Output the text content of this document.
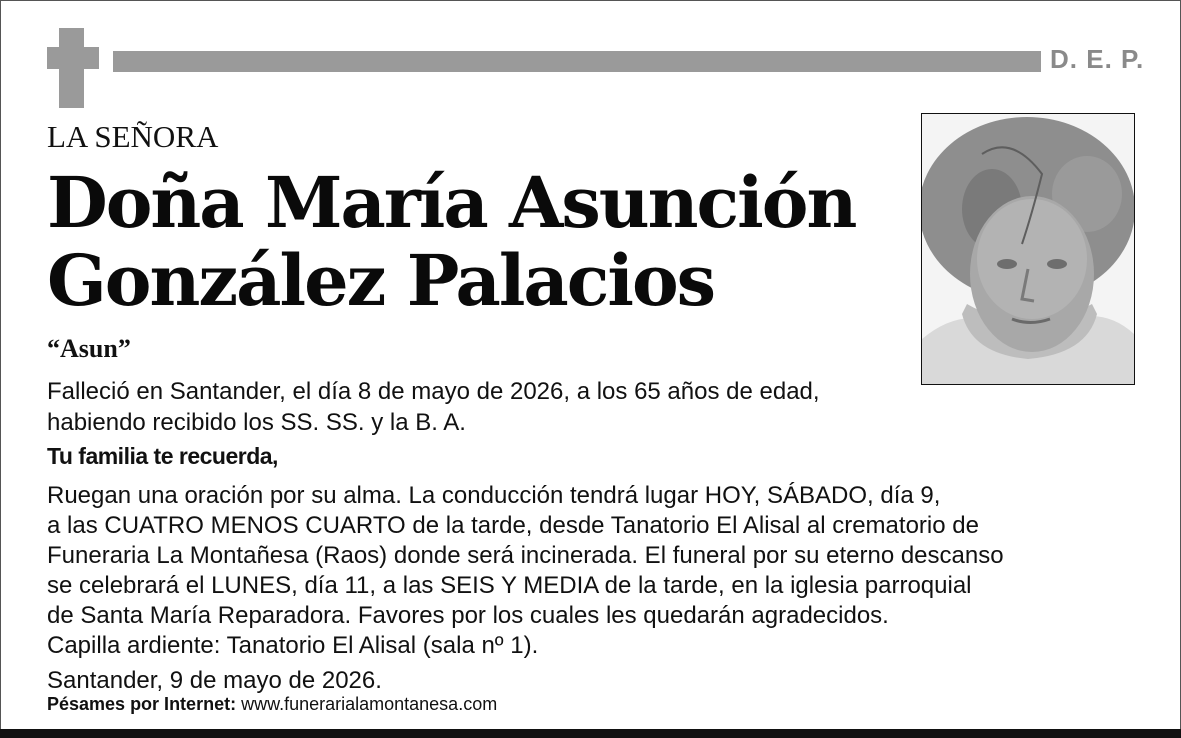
D. E. P.
LA SEÑORA
Doña María Asunción
González Palacios
“Asun”
Falleció en Santander, el día 8 de mayo de 2026, a los 65 años de edad,
habiendo recibido los SS. SS. y la B. A.
Tu familia te recuerda,
Ruegan una oración por su alma. La conducción tendrá lugar HOY, SÁBADO, día 9,
a las CUATRO MENOS CUARTO de la tarde, desde Tanatorio El Alisal al crematorio de
Funeraria La Montañesa (Raos) donde será incinerada. El funeral por su eterno descanso
se celebrará el LUNES, día 11, a las SEIS Y MEDIA de la tarde, en la iglesia parroquial
de Santa María Reparadora. Favores por los cuales les quedarán agradecidos.
Capilla ardiente: Tanatorio El Alisal (sala nº 1).
Santander, 9 de mayo de 2026.
Pésames por Internet: www.funerarialamontanesa.com
